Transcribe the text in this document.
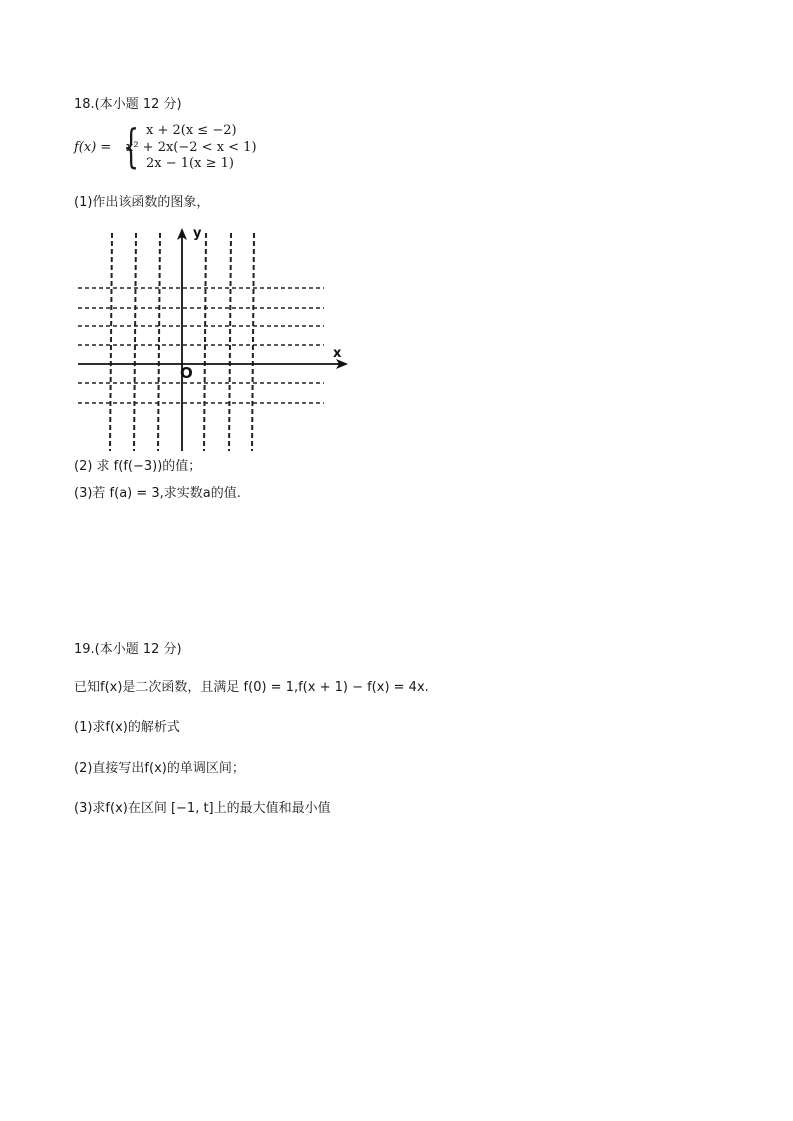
18.(本小题 12 分)
f(x) = { x + 2(x ≤ −2)
x² + 2x(−2 < x < 1)
2x − 1(x ≥ 1)
(1)作出该函数的图象，
y
x
O
(2) 求 f(f(−3))的值；
(3)若 f(a) = 3,求实数a的值.
19.(本小题 12 分)
已知f(x)是二次函数，且满足 f(0) = 1,f(x + 1) − f(x) = 4x.
(1)求f(x)的解析式
(2)直接写出f(x)的单调区间；
(3)求f(x)在区间 [−1, t]上的最大值和最小值
